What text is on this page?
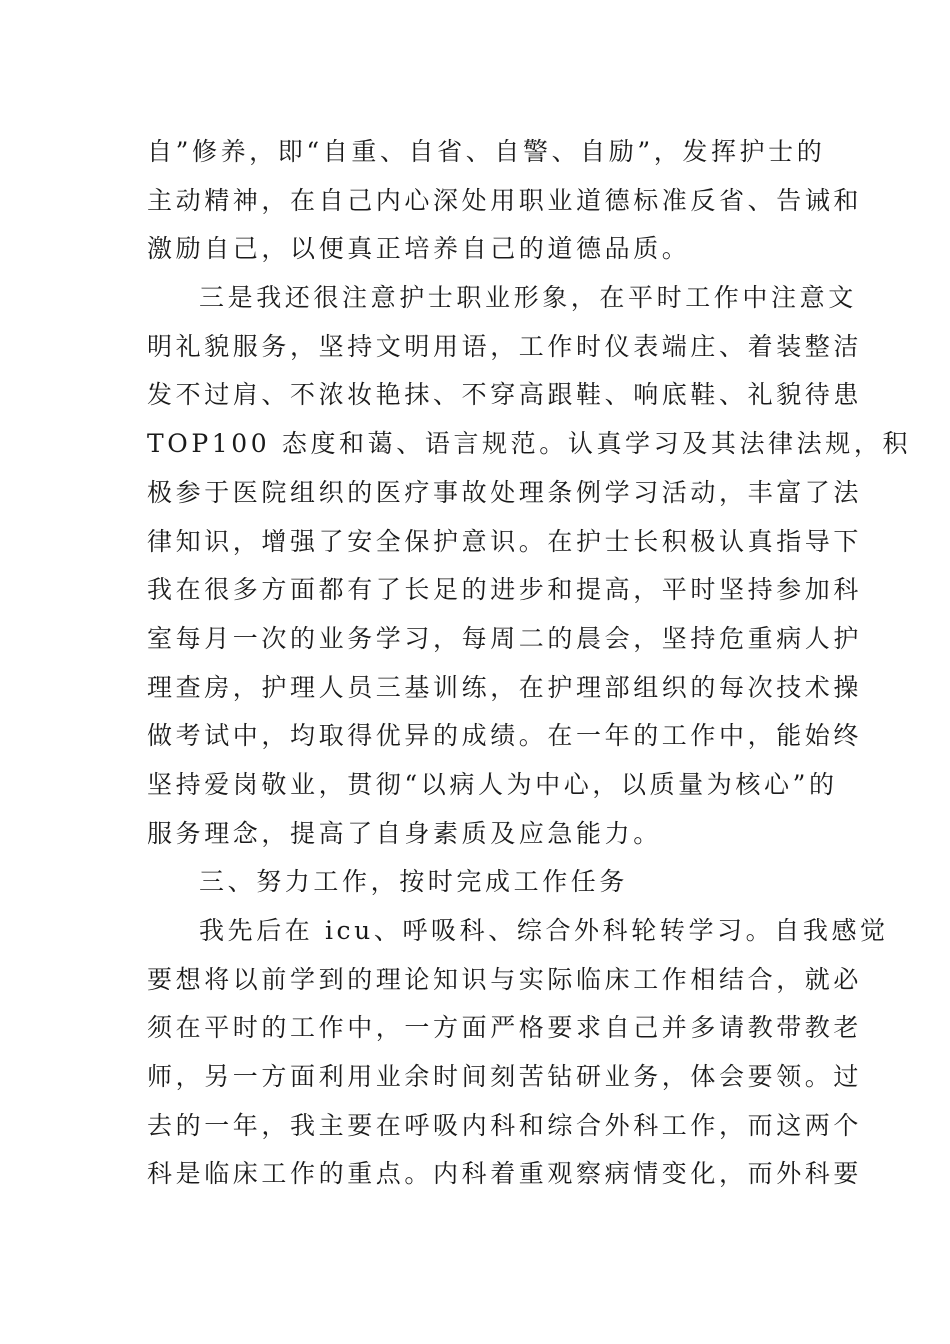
自”修养，即“自重、自省、自警、自励”，发挥护士的
主动精神，在自己内心深处用职业道德标准反省、告诫和
激励自己，以便真正培养自己的道德品质。
三是我还很注意护士职业形象，在平时工作中注意文
明礼貌服务，坚持文明用语，工作时仪表端庄、着装整洁
发不过肩、不浓妆艳抹、不穿高跟鞋、响底鞋、礼貌待患
TOP100 态度和蔼、语言规范。认真学习及其法律法规，积
极参于医院组织的医疗事故处理条例学习活动，丰富了法
律知识，增强了安全保护意识。在护士长积极认真指导下
我在很多方面都有了长足的进步和提高，平时坚持参加科
室每月一次的业务学习，每周二的晨会，坚持危重病人护
理查房，护理人员三基训练，在护理部组织的每次技术操
做考试中，均取得优异的成绩。在一年的工作中，能始终
坚持爱岗敬业，贯彻“以病人为中心，以质量为核心”的
服务理念，提高了自身素质及应急能力。
三、努力工作，按时完成工作任务
我先后在 icu、呼吸科、综合外科轮转学习。自我感觉
要想将以前学到的理论知识与实际临床工作相结合，就必
须在平时的工作中，一方面严格要求自己并多请教带教老
师，另一方面利用业余时间刻苦钻研业务，体会要领。过
去的一年，我主要在呼吸内科和综合外科工作，而这两个
科是临床工作的重点。内科着重观察病情变化，而外科要
